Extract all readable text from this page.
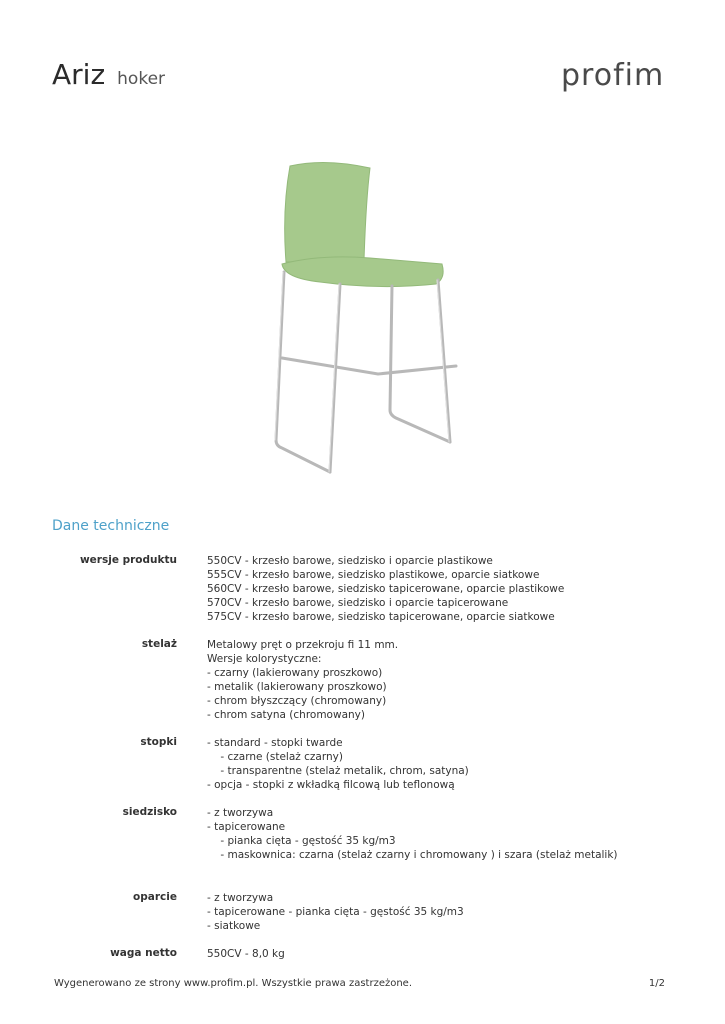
Ariz hoker	profim
Dane techniczne
wersje produktu	550CV - krzesło barowe, siedzisko i oparcie plastikowe
555CV - krzesło barowe, siedzisko plastikowe, oparcie siatkowe
560CV - krzesło barowe, siedzisko tapicerowane, oparcie plastikowe
570CV - krzesło barowe, siedzisko i oparcie tapicerowane
575CV - krzesło barowe, siedzisko tapicerowane, oparcie siatkowe
stelaż	Metalowy pręt o przekroju fi 11 mm.
Wersje kolorystyczne:
- czarny (lakierowany proszkowo)
- metalik (lakierowany proszkowo)
- chrom błyszczący (chromowany)
- chrom satyna (chromowany)
stopki	- standard - stopki twarde
- czarne (stelaż czarny)
- transparentne (stelaż metalik, chrom, satyna)
- opcja - stopki z wkładką filcową lub teflonową
siedzisko	- z tworzywa
- tapicerowane
- pianka cięta - gęstość 35 kg/m3
- maskownica: czarna (stelaż czarny i chromowany ) i szara (stelaż metalik)
oparcie	- z tworzywa
- tapicerowane - pianka cięta - gęstość 35 kg/m3
- siatkowe
waga netto	550CV - 8,0 kg
Wygenerowano ze strony www.profim.pl. Wszystkie prawa zastrzeżone.	1/2
